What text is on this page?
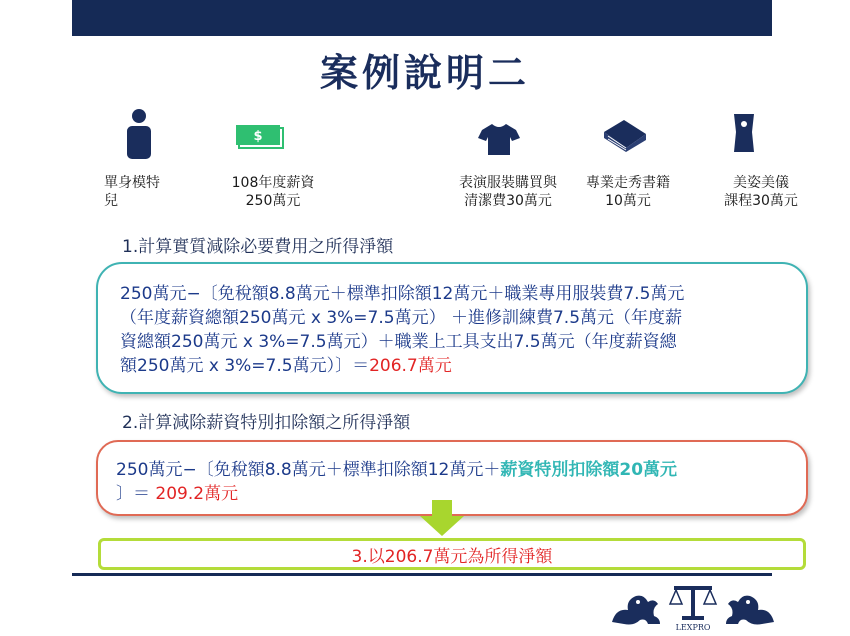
案例說明二
單身模特
兒
$
108年度薪資
250萬元
表演服裝購買與
清潔費30萬元
專業走秀書籍
10萬元
美姿美儀
課程30萬元
1.計算實質減除必要費用之所得淨額
250萬元−〔免稅額8.8萬元＋標準扣除額12萬元＋職業專用服裝費7.5萬元
（年度薪資總額250萬元 x 3%=7.5萬元） ＋進修訓練費7.5萬元（年度薪
資總額250萬元 x 3%=7.5萬元）＋職業上工具支出7.5萬元（年度薪資總
額250萬元 x 3%=7.5萬元）〕＝206.7萬元
2.計算減除薪資特別扣除額之所得淨額
250萬元−〔免稅額8.8萬元＋標準扣除額12萬元＋薪資特別扣除額20萬元
〕＝ 209.2萬元
3.以206.7萬元為所得淨額
LEXPRO
